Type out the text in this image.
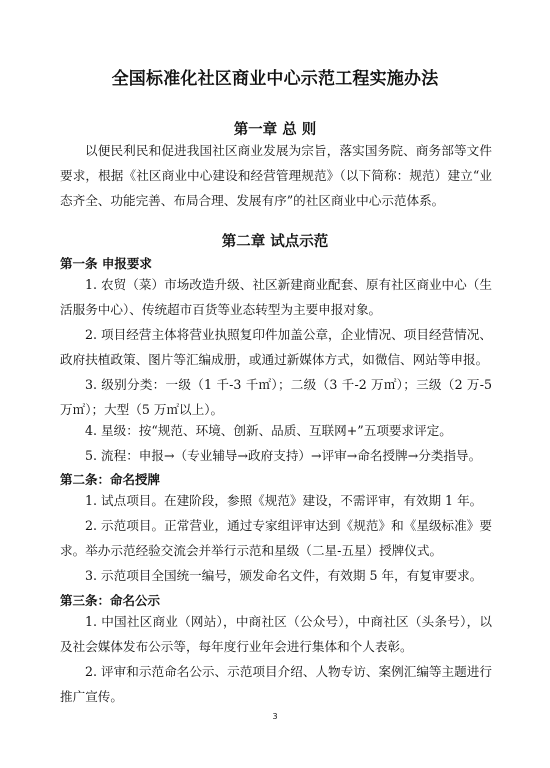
全国标准化社区商业中心示范工程实施办法
第一章 总 则

以便民利民和促进我国社区商业发展为宗旨，落实国务院、商务部等文件要求，根据《社区商业中心建设和经营管理规范》（以下简称：规范）建立“业态齐全、功能完善、布局合理、发展有序”的社区商业中心示范体系。

第二章 试点示范
第一条 申报要求

1. 农贸（菜）市场改造升级、社区新建商业配套、原有社区商业中心（生活服务中心）、传统超市百货等业态转型为主要申报对象。

2. 项目经营主体将营业执照复印件加盖公章，企业情况、项目经营情况、政府扶植政策、图片等汇编成册，或通过新媒体方式，如微信、网站等申报。

3. 级别分类：一级（1 千-3 千㎡）；二级（3 千-2 万㎡）；三级（2 万-5 万㎡）；大型（5 万㎡以上）。

4. 星级：按“规范、环境、创新、品质、互联网+”五项要求评定。

5. 流程：申报→（专业辅导→政府支持）→评审→命名授牌→分类指导。

第二条：命名授牌

1. 试点项目。在建阶段，参照《规范》建设，不需评审，有效期 1 年。

2. 示范项目。正常营业，通过专家组评审达到《规范》和《星级标准》要求。举办示范经验交流会并举行示范和星级（二星-五星）授牌仪式。

3. 示范项目全国统一编号，颁发命名文件，有效期 5 年，有复审要求。

第三条：命名公示

1. 中国社区商业（网站），中商社区（公众号），中商社区（头条号），以及社会媒体发布公示等，每年度行业年会进行集体和个人表彰。

2. 评审和示范命名公示、示范项目介绍、人物专访、案例汇编等主题进行推广宣传。

3
